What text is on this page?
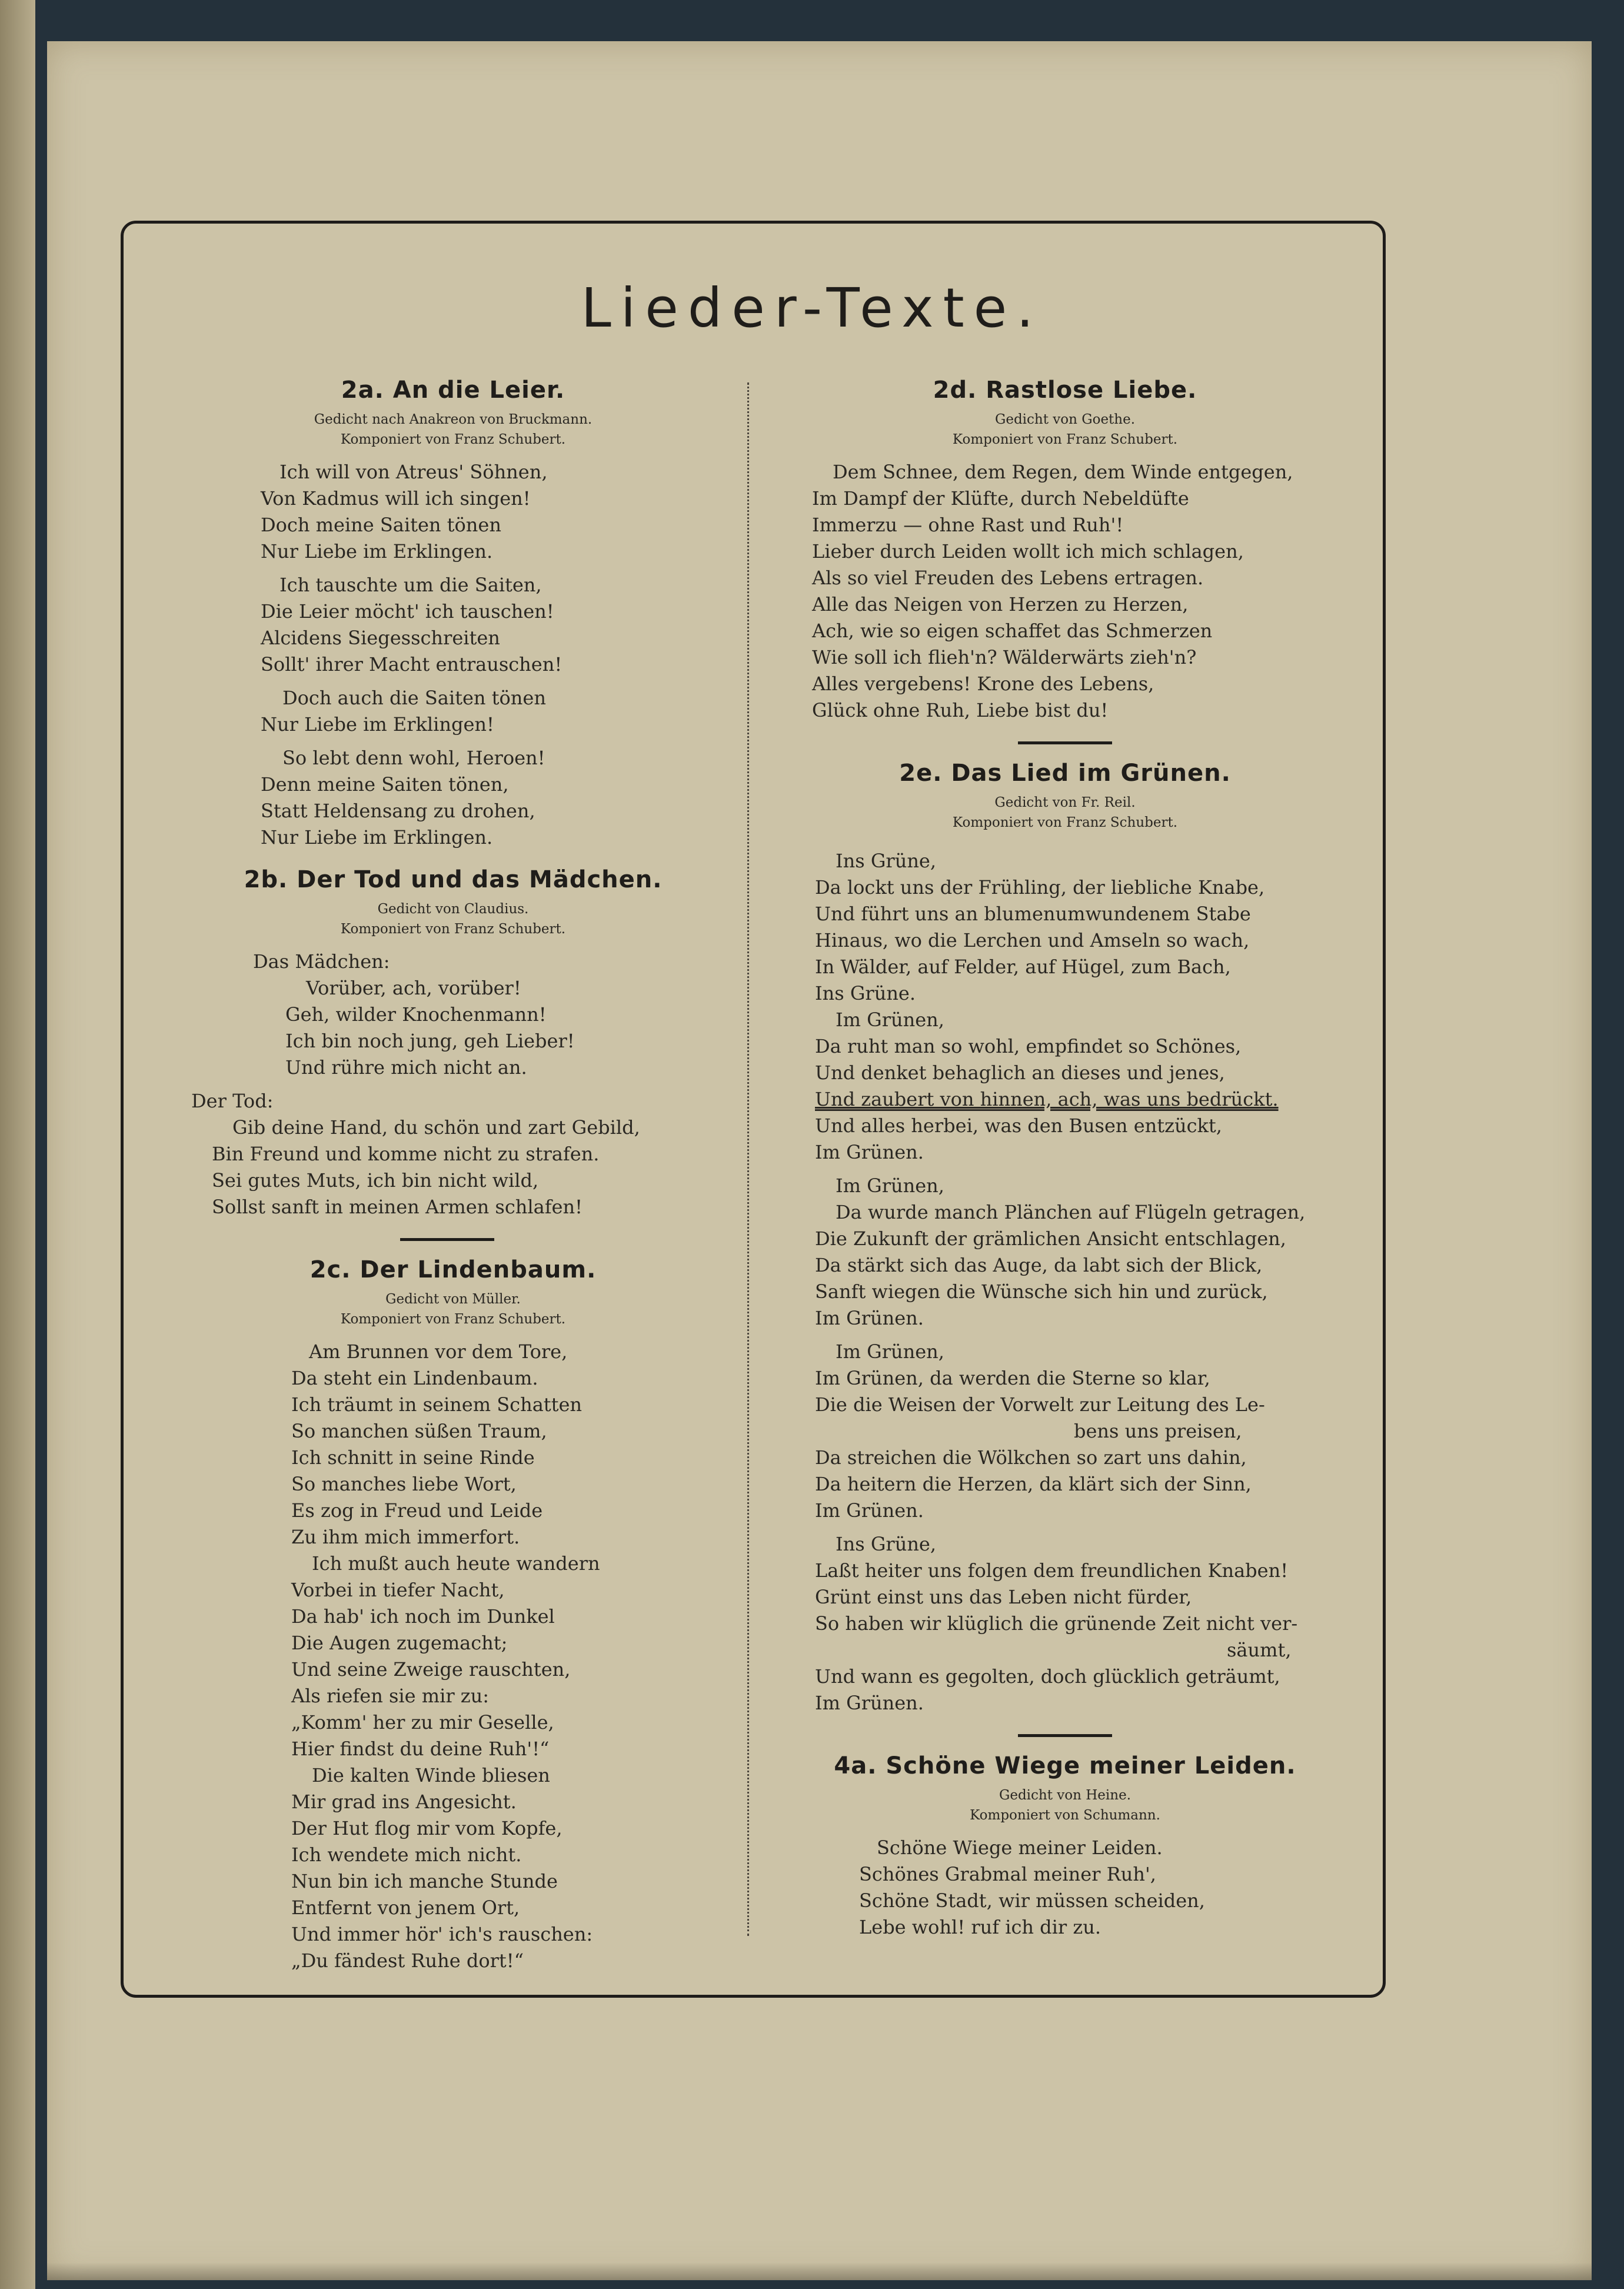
Lieder-Texte.
2a. An die Leier.
Gedicht nach Anakreon von Bruckmann.
Komponiert von Franz Schubert.
Ich will von Atreus' Söhnen,
Von Kadmus will ich singen!
Doch meine Saiten tönen
Nur Liebe im Erklingen.
Ich tauschte um die Saiten,
Die Leier möcht' ich tauschen!
Alcidens Siegesschreiten
Sollt' ihrer Macht entrauschen!
Doch auch die Saiten tönen
Nur Liebe im Erklingen!
So lebt denn wohl, Heroen!
Denn meine Saiten tönen,
Statt Heldensang zu drohen,
Nur Liebe im Erklingen.
2b. Der Tod und das Mädchen.
Gedicht von Claudius.
Komponiert von Franz Schubert.
Das Mädchen:
Vorüber, ach, vorüber!
Geh, wilder Knochenmann!
Ich bin noch jung, geh Lieber!
Und rühre mich nicht an.
Der Tod:
Gib deine Hand, du schön und zart Gebild,
Bin Freund und komme nicht zu strafen.
Sei gutes Muts, ich bin nicht wild,
Sollst sanft in meinen Armen schlafen!
2c. Der Lindenbaum.
Gedicht von Müller.
Komponiert von Franz Schubert.
Am Brunnen vor dem Tore,
Da steht ein Lindenbaum.
Ich träumt in seinem Schatten
So manchen süßen Traum,
Ich schnitt in seine Rinde
So manches liebe Wort,
Es zog in Freud und Leide
Zu ihm mich immerfort.
Ich mußt auch heute wandern
Vorbei in tiefer Nacht,
Da hab' ich noch im Dunkel
Die Augen zugemacht;
Und seine Zweige rauschten,
Als riefen sie mir zu:
„Komm' her zu mir Geselle,
Hier findst du deine Ruh'!“
Die kalten Winde bliesen
Mir grad ins Angesicht.
Der Hut flog mir vom Kopfe,
Ich wendete mich nicht.
Nun bin ich manche Stunde
Entfernt von jenem Ort,
Und immer hör' ich's rauschen:
„Du fändest Ruhe dort!“
2d. Rastlose Liebe.
Gedicht von Goethe.
Komponiert von Franz Schubert.
Dem Schnee, dem Regen, dem Winde entgegen,
Im Dampf der Klüfte, durch Nebeldüfte
Immerzu — ohne Rast und Ruh'!
Lieber durch Leiden wollt ich mich schlagen,
Als so viel Freuden des Lebens ertragen.
Alle das Neigen von Herzen zu Herzen,
Ach, wie so eigen schaffet das Schmerzen
Wie soll ich flieh'n? Wälderwärts zieh'n?
Alles vergebens! Krone des Lebens,
Glück ohne Ruh, Liebe bist du!
2e. Das Lied im Grünen.
Gedicht von Fr. Reil.
Komponiert von Franz Schubert.
Ins Grüne,
Da lockt uns der Frühling, der liebliche Knabe,
Und führt uns an blumenumwundenem Stabe
Hinaus, wo die Lerchen und Amseln so wach,
In Wälder, auf Felder, auf Hügel, zum Bach,
Ins Grüne.
Im Grünen,
Da ruht man so wohl, empfindet so Schönes,
Und denket behaglich an dieses und jenes,
Und zaubert von hinnen, ach, was uns bedrückt.
Und alles herbei, was den Busen entzückt,
Im Grünen.
Im Grünen,
Da wurde manch Plänchen auf Flügeln getragen,
Die Zukunft der grämlichen Ansicht entschlagen,
Da stärkt sich das Auge, da labt sich der Blick,
Sanft wiegen die Wünsche sich hin und zurück,
Im Grünen.
Im Grünen,
Im Grünen, da werden die Sterne so klar,
Die die Weisen der Vorwelt zur Leitung des Le-
bens uns preisen,
Da streichen die Wölkchen so zart uns dahin,
Da heitern die Herzen, da klärt sich der Sinn,
Im Grünen.
Ins Grüne,
Laßt heiter uns folgen dem freundlichen Knaben!
Grünt einst uns das Leben nicht fürder,
So haben wir klüglich die grünende Zeit nicht ver-
säumt,
Und wann es gegolten, doch glücklich geträumt,
Im Grünen.
4a. Schöne Wiege meiner Leiden.
Gedicht von Heine.
Komponiert von Schumann.
Schöne Wiege meiner Leiden.
Schönes Grabmal meiner Ruh',
Schöne Stadt, wir müssen scheiden,
Lebe wohl! ruf ich dir zu.
